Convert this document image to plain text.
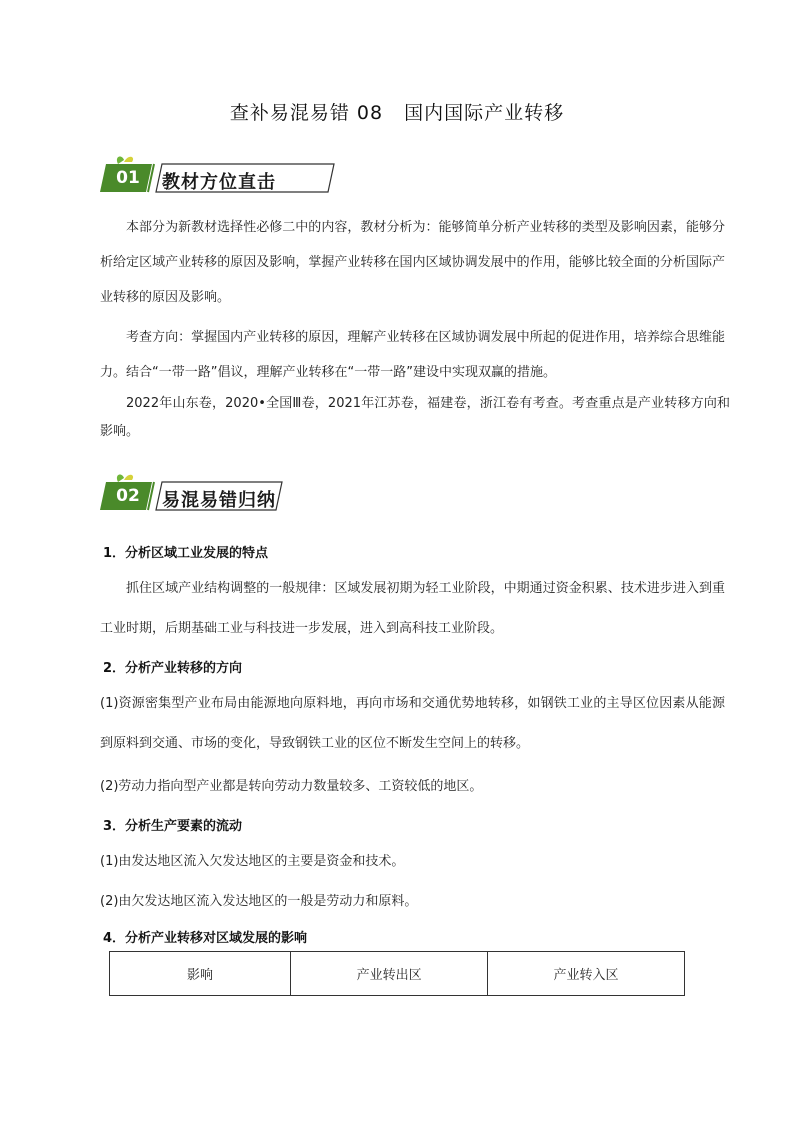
查补易混易错 08   国内国际产业转移
01	教材方位直击
本部分为新教材选择性必修二中的内容，教材分析为：能够简单分析产业转移的类型及影响因素，能够分析给定区域产业转移的原因及影响，掌握产业转移在国内区域协调发展中的作用，能够比较全面的分析国际产业转移的原因及影响。
考查方向：掌握国内产业转移的原因，理解产业转移在区域协调发展中所起的促进作用，培养综合思维能力。结合“一带一路”倡议，理解产业转移在“一带一路”建设中实现双赢的措施。
2022年山东卷，2020•全国Ⅲ卷，2021年江苏卷，福建卷，浙江卷有考查。考查重点是产业转移方向和影响。
02	易混易错归纳
1．分析区域工业发展的特点
抓住区域产业结构调整的一般规律：区域发展初期为轻工业阶段，中期通过资金积累、技术进步进入到重工业时期，后期基础工业与科技进一步发展，进入到高科技工业阶段。
2．分析产业转移的方向
(1)资源密集型产业布局由能源地向原料地，再向市场和交通优势地转移，如钢铁工业的主导区位因素从能源到原料到交通、市场的变化，导致钢铁工业的区位不断发生空间上的转移。
(2)劳动力指向型产业都是转向劳动力数量较多、工资较低的地区。
3．分析生产要素的流动
(1)由发达地区流入欠发达地区的主要是资金和技术。
(2)由欠发达地区流入发达地区的一般是劳动力和原料。
4．分析产业转移对区域发展的影响
影响	产业转出区	产业转入区
